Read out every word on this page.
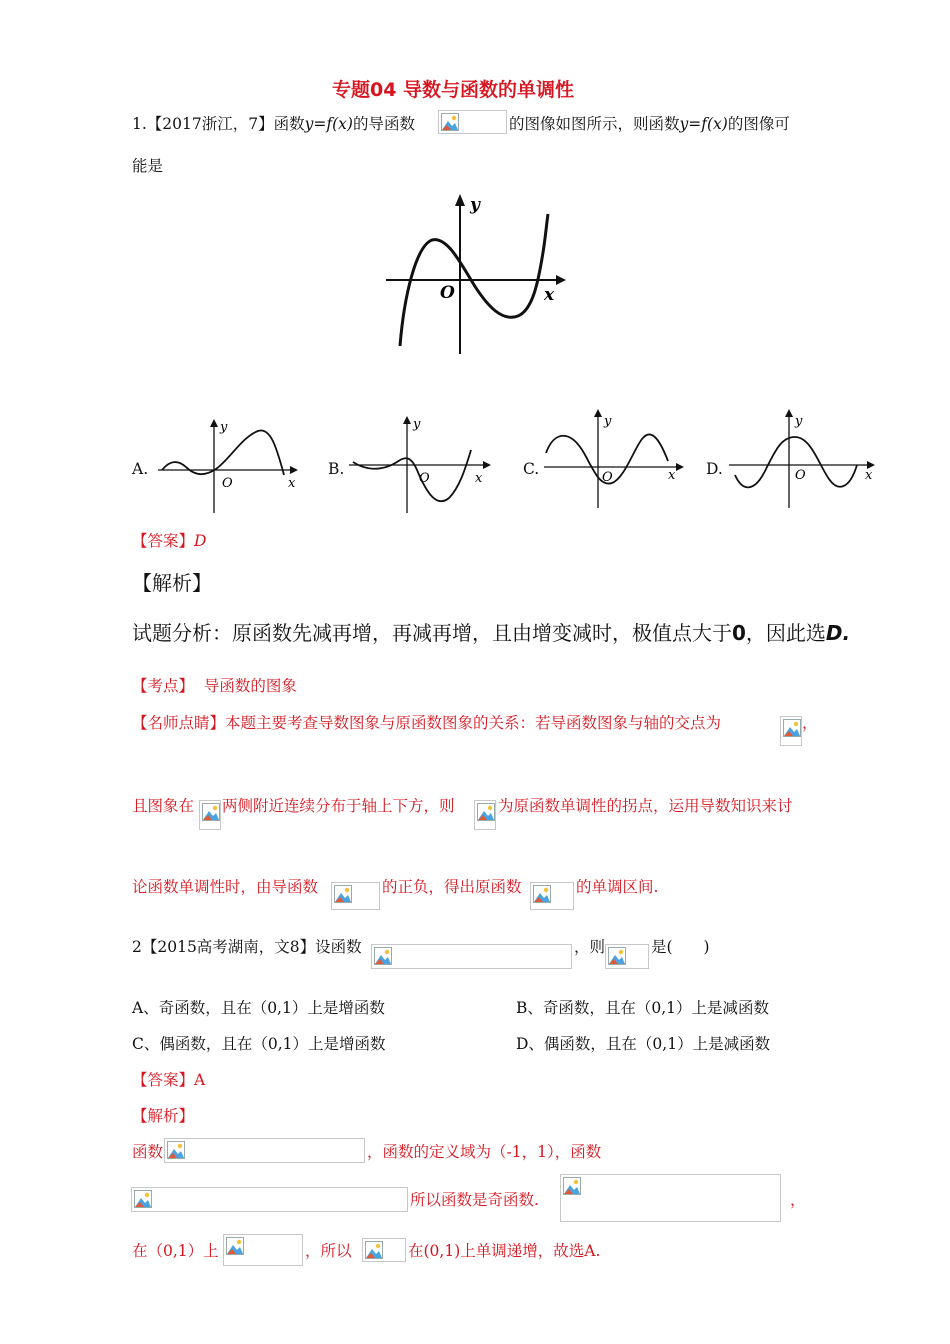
专题04 导数与函数的单调性
1.【2017浙江，7】函数y=f(x)的导函数	的图像如图所示，则函数y=f(x)的图像可
能是
y
x
O
A.
y
x
O
B.
y
x
O
C.
y
x
O	D.
y
x
O
【答案】D
【解析】
试题分析：原函数先减再增，再减再增，且由增变减时，极值点大于0，因此选D.
【考点】 导函数的图象
【名师点睛】本题主要考查导数图象与原函数图象的关系：若导函数图象与轴的交点为	，
且图象在 两侧附近连续分布于轴上下方，则	为原函数单调性的拐点，运用导数知识来讨
论函数单调性时，由导函数	的正负，得出原函数	的单调区间.
2【2015高考湖南，文8】设函数	，则	是(　　)
A、奇函数，且在（0,1）上是增函数	B、奇函数，且在（0,1）上是减函数
C、偶函数，且在（0,1）上是增函数	D、偶函数，且在（0,1）上是减函数
【答案】A
【解析】
函数	，函数的定义域为（-1，1），函数
所以函数是奇函数.	，
在（0,1）上	，所以	在(0,1)上单调递增，故选A.
